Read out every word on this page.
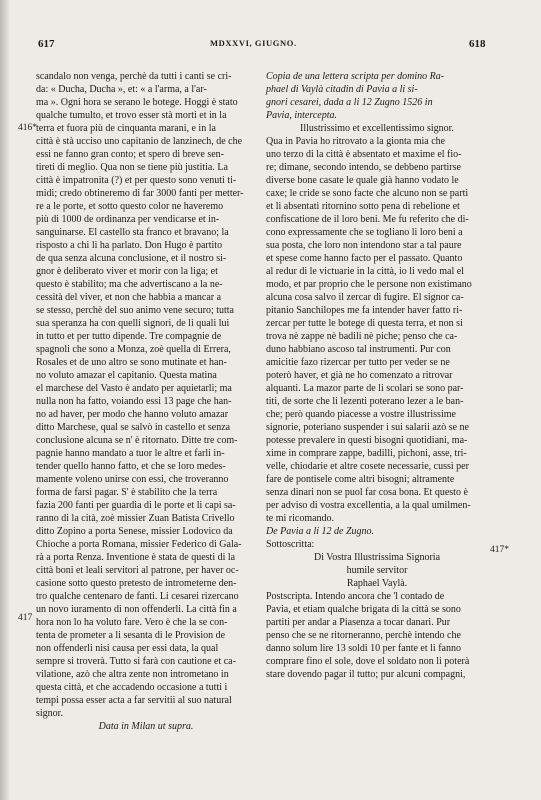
617	MDXXVI, GIUGNO.	618
416*
417
417*
scandalo non venga, perchè da tutti i canti se cri-
da: « Ducha, Ducha », et: « a l'arma, a l'ar-
ma ». Ogni hora se serano le botege. Hoggi è stato
qualche tumulto, et trovo esser stà morti et in la
terra et fuora più de cinquanta marani, e in la
città è stà ucciso uno capitanio de lanzinech, de che
essi ne fanno gran conto; et spero di breve sen-
tireti di meglio. Qua non se tiene più justitia. La
città è impatronita (?) et per questo sono venuti ti-
midi; credo obtineremo di far 3000 fanti per metter-
re a le porte, et sotto questo color ne haveremo
più di 1000 de ordinanza per vendicarse et in-
sanguinarse. El castello sta franco et bravano; la
risposto a chi li ha parlato. Don Hugo è partito
de qua senza alcuna conclusione, et il nostro si-
gnor è deliberato viver et morir con la liga; et
questo è stabilito; ma che advertiscano a la ne-
cessità del viver, et non che habbia a mancar a
se stesso, perchè del suo animo vene securo; tutta
sua speranza ha con quelli signori, de li quali lui
in tutto et per tutto dipende. Tre compagnie de
spagnoli che sono a Monza, zoè quella di Errera,
Rosales et de uno altro se sono mutinate et han-
no voluto amazar el capitanio. Questa matina
el marchese del Vasto è andato per aquietarli; ma
nulla non ha fatto, voiando essi 13 page che han-
no ad haver, per modo che hanno voluto amazar
ditto Marchese, qual se salvò in castello et senza
conclusione alcuna se n' è ritornato. Ditte tre com-
pagnie hanno mandato a tuor le altre et farli in-
tender quello hanno fatto, et che se loro medes-
mamente voleno unirse con essi, che troveranno
forma de farsi pagar. S' è stabilito che la terra
fazia 200 fanti per guardia di le porte et li capi sa-
ranno di la cità, zoè missier Zuan Batista Crivello
ditto Zopino a porta Senese, missier Lodovico da
Chioche a porta Romana, missier Federico di Gala-
rà a porta Renza. Inventione è stata de questi di la
città boni et leali servitori al patrone, per haver oc-
casione sotto questo pretesto de intrometerne den-
tro qualche centenaro de fanti. Li cesarei rizercano
un novo iuramento di non offenderli. La città fin a
hora non lo ha voluto fare. Vero è che la se con-
tenta de prometer a li sesanta di le Provision de
non offenderli nisi causa per essi data, la qual
sempre si troverà. Tutto si farà con cautione et ca-
vilatione, azò che altra zente non intrometano in
questa città, et che accadendo occasione a tutti i
tempi possa esser acta a far servitii al suo natural
signor.
Data in Milan ut supra.
Copia de una lettera scripta per domino Ra-
phael di Vaylà citadin di Pavia a li si-
gnori cesarei, dada a li 12 Zugno 1526 in
Pavia, intercepta.
Illustrissimo et excellentissimo signor.
Qua in Pavia ho ritrovato a la gionta mia che
uno terzo di la città è absentato et maxime el fio-
re; dimane, secondo intendo, se debbeno partirse
diverse bone casate le quale già hanno vodato le
caxe; le cride se sono facte che alcuno non se parti
et li absentati ritornino sotto pena di rebelione et
confiscatione de il loro beni. Me fu referito che di-
cono expressamente che se togliano li loro beni a
sua posta, che loro non intendono star a tal paure
et spese come hanno facto per el passato. Quanto
al redur di le victuarie in la città, io li vedo mal el
modo, et par proprio che le persone non existimano
alcuna cosa salvo il zercar di fugire. El signor ca-
pitanio Sanchilopes me fa intender haver fatto ri-
zercar per tutte le botege di questa terra, et non si
trova nè zappe nè badili nè piche; penso che ca-
duno habbiano ascoso tal instrumenti. Pur con
amicitie fazo rizercar per tutto per veder se ne
poterò haver, et già ne ho comenzato a ritrovar
alquanti. La mazor parte de li scolari se sono par-
titi, de sorte che li lezenti poterano lezer a le ban-
che; però quando piacesse a vostre illustrissime
signorie, poteriano suspender i sui salarii azò se ne
potesse prevalere in questi bisogni quotidiani, ma-
xime in comprare zappe, badilli, pichoni, asse, tri-
velle, chiodarie et altre cosete necessarie, cussì per
fare de pontisele come altri bisogni; altramente
senza dinari non se puol far cosa bona. Et questo è
per adviso di vostra excellentia, a la qual umilmen-
te mi ricomando.
De Pavia a li 12 de Zugno.
Sottoscritta:
Di Vostra Illustrissima Signoria
humile servitor
Raphael Vaylà.
Postscripta. Intendo ancora che 'l contado de
Pavia, et etiam qualche brigata di la città se sono
partiti per andar a Piasenza a tocar danari. Pur
penso che se ne ritorneranno, perchè intendo che
danno solum lire 13 soldi 10 per fante et li fanno
comprare fino el sole, dove el soldato non li poterà
stare dovendo pagar il tutto; pur alcuni compagni,
